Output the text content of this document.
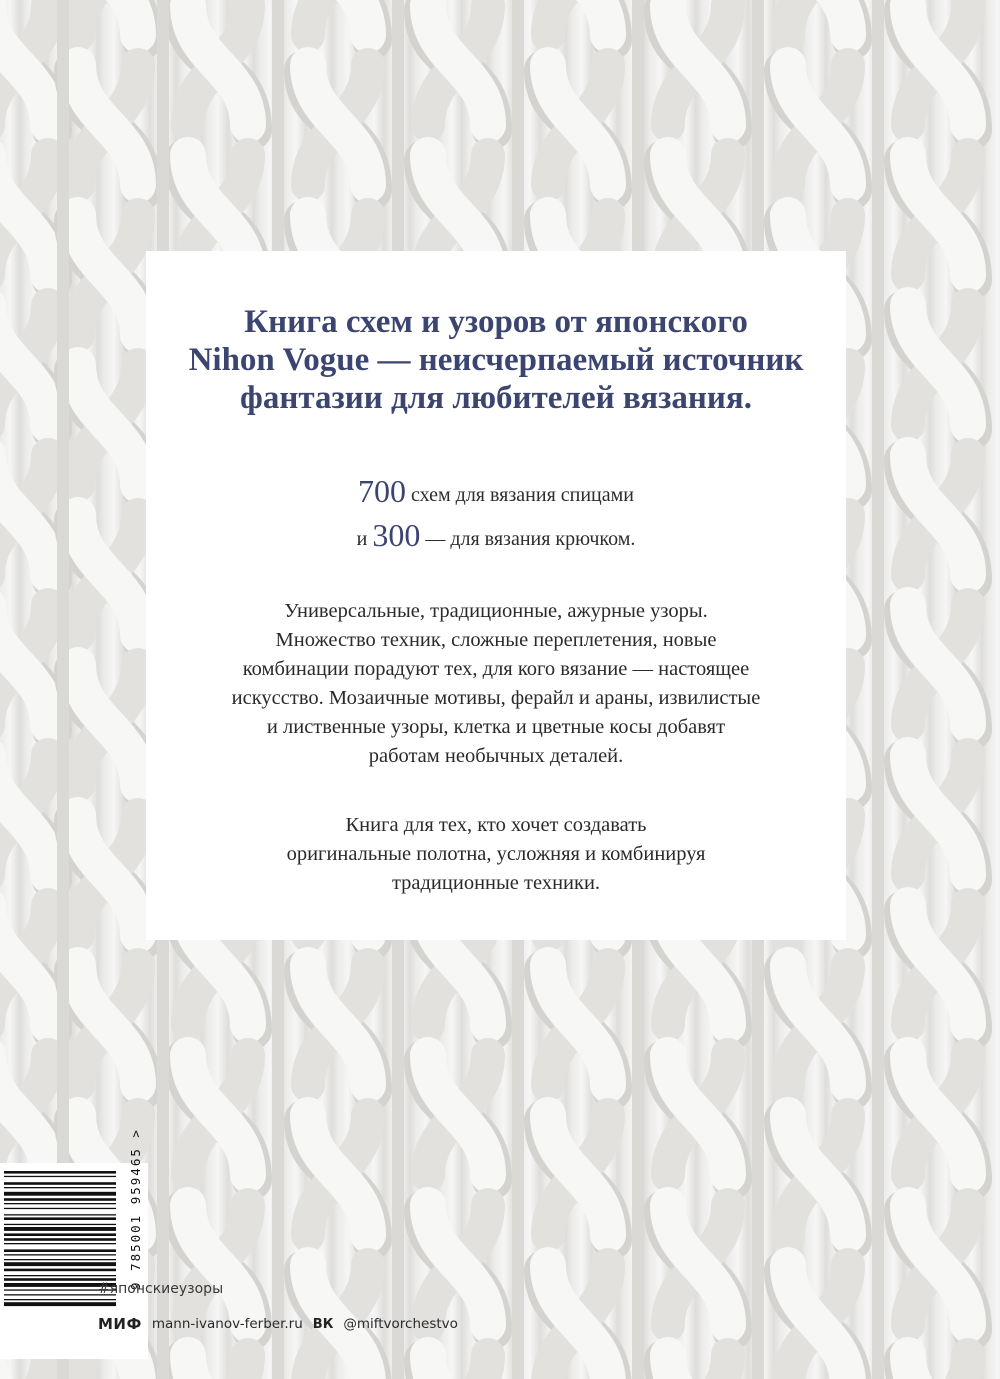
Книга схем и узоров от японского
Nihon Vogue — неисчерпаемый источник
фантазии для любителей вязания.

700 схем для вязания спицами
и 300 — для вязания крючком.

Универсальные, традиционные, ажурные узоры.
Множество техник, сложные переплетения, новые
комбинации порадуют тех, для кого вязание — настоящее
искусство. Мозаичные мотивы, ферайл и араны, извилистые
и лиственные узоры, клетка и цветные косы добавят
работам необычных деталей.

Книга для тех, кто хочет создавать
оригинальные полотна, усложняя и комбинируя
традиционные техники.

9 785001 959465 >
#японскиеузоры
МИФ mann-ivanov-ferber.ru ВК @miftvorchestvo
